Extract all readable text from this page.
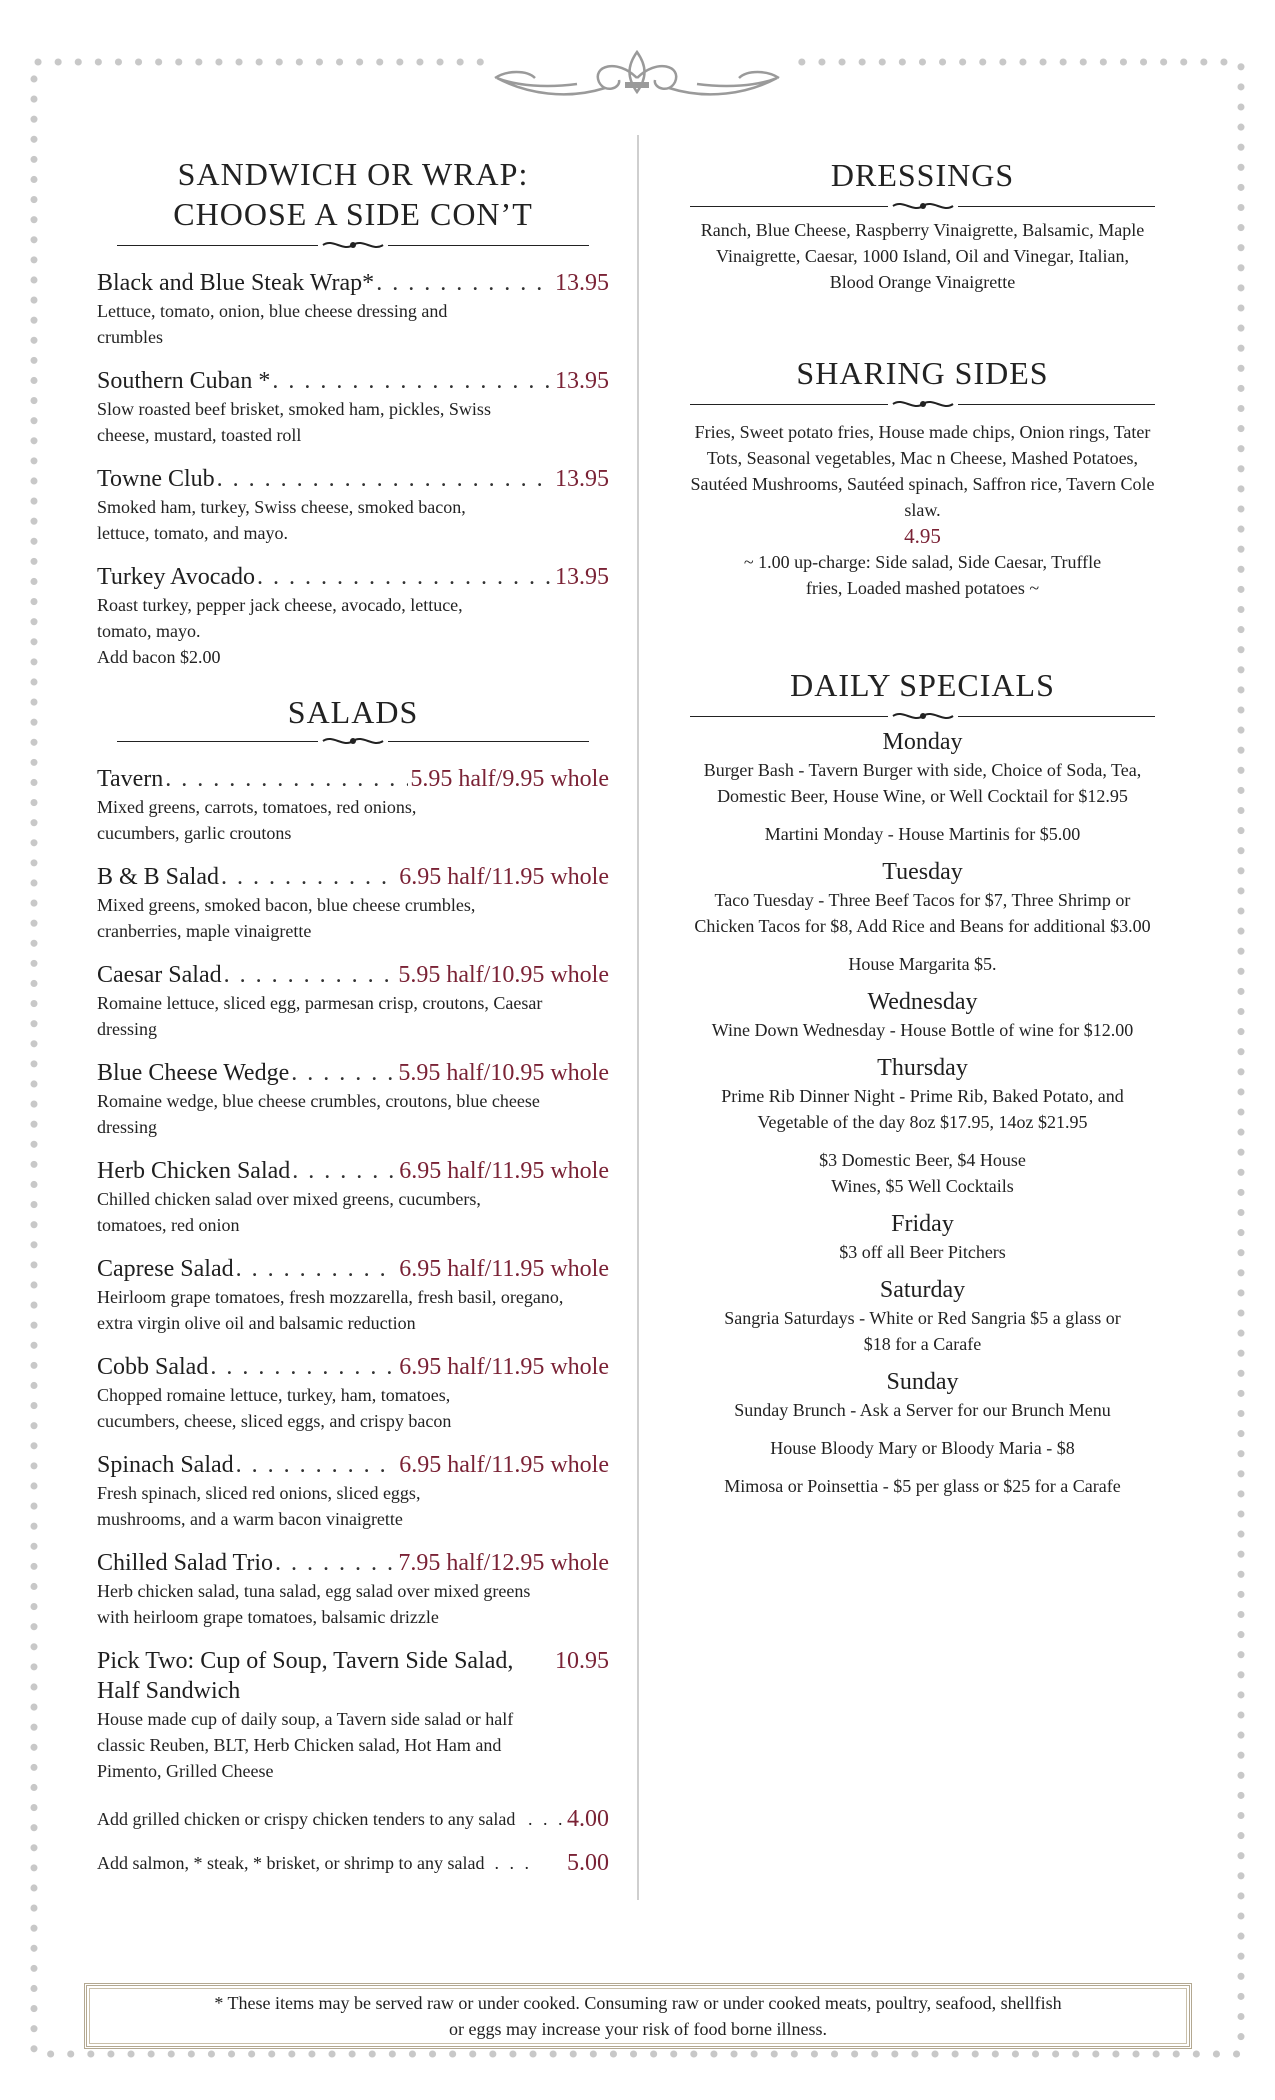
SANDWICH OR WRAP:
CHOOSE A SIDE CON’T
Black and Blue Steak Wrap* . . .	13.95
Lettuce, tomato, onion, blue cheese dressing and crumbles
Southern Cuban * . . .	13.95
Slow roasted beef brisket, smoked ham, pickles, Swiss cheese, mustard, toasted roll
Towne Club . . .	13.95
Smoked ham, turkey, Swiss cheese, smoked bacon, lettuce, tomato, and mayo.
Turkey Avocado . . .	13.95
Roast turkey, pepper jack cheese, avocado, lettuce, tomato, mayo.
Add bacon $2.00
SALADS
Tavern . . .	5.95 half/9.95 whole
Mixed greens, carrots, tomatoes, red onions, cucumbers, garlic croutons
B & B Salad . . .	6.95 half/11.95 whole
Mixed greens, smoked bacon, blue cheese crumbles, cranberries, maple vinaigrette
Caesar Salad . . .	5.95 half/10.95 whole
Romaine lettuce, sliced egg, parmesan crisp, croutons, Caesar dressing
Blue Cheese Wedge . . .	5.95 half/10.95 whole
Romaine wedge, blue cheese crumbles, croutons, blue cheese dressing
Herb Chicken Salad . . .	6.95 half/11.95 whole
Chilled chicken salad over mixed greens, cucumbers, tomatoes, red onion
Caprese Salad . . .	6.95 half/11.95 whole
Heirloom grape tomatoes, fresh mozzarella, fresh basil, oregano, extra virgin olive oil and balsamic reduction
Cobb Salad . . .	6.95 half/11.95 whole
Chopped romaine lettuce, turkey, ham, tomatoes, cucumbers, cheese, sliced eggs, and crispy bacon
Spinach Salad . . .	6.95 half/11.95 whole
Fresh spinach, sliced red onions, sliced eggs, mushrooms, and a warm bacon vinaigrette
Chilled Salad Trio . . .	7.95 half/12.95 whole
Herb chicken salad, tuna salad, egg salad over mixed greens with heirloom grape tomatoes, balsamic drizzle
Pick Two: Cup of Soup, Tavern Side Salad, Half Sandwich
10.95
House made cup of daily soup, a Tavern side salad or half classic Reuben, BLT, Herb Chicken salad, Hot Ham and Pimento, Grilled Cheese
Add grilled chicken or crispy chicken tenders to any salad . . . 4.00
Add salmon, * steak, * brisket, or shrimp to any salad . . . 5.00
DRESSINGS
Ranch, Blue Cheese, Raspberry Vinaigrette, Balsamic, Maple Vinaigrette, Caesar, 1000 Island, Oil and Vinegar, Italian, Blood Orange Vinaigrette
SHARING SIDES
Fries, Sweet potato fries, House made chips, Onion rings, Tater Tots, Seasonal vegetables, Mac n Cheese, Mashed Potatoes, Sautéed Mushrooms, Sautéed spinach, Saffron rice, Tavern Cole slaw.
4.95
~ 1.00 up-charge: Side salad, Side Caesar, Truffle fries, Loaded mashed potatoes ~
DAILY SPECIALS
Monday
Burger Bash - Tavern Burger with side, Choice of Soda, Tea, Domestic Beer, House Wine, or Well Cocktail for $12.95
Martini Monday - House Martinis for $5.00
Tuesday
Taco Tuesday - Three Beef Tacos for $7, Three Shrimp or Chicken Tacos for $8, Add Rice and Beans for additional $3.00
House Margarita $5.
Wednesday
Wine Down Wednesday - House Bottle of wine for $12.00
Thursday
Prime Rib Dinner Night - Prime Rib, Baked Potato, and Vegetable of the day 8oz $17.95, 14oz $21.95
$3 Domestic Beer, $4 House Wines, $5 Well Cocktails
Friday
$3 off all Beer Pitchers
Saturday
Sangria Saturdays - White or Red Sangria $5 a glass or $18 for a Carafe
Sunday
Sunday Brunch - Ask a Server for our Brunch Menu
House Bloody Mary or Bloody Maria - $8
Mimosa or Poinsettia - $5 per glass or $25 for a Carafe
* These items may be served raw or under cooked. Consuming raw or under cooked meats, poultry, seafood, shellfish or eggs may increase your risk of food borne illness.
